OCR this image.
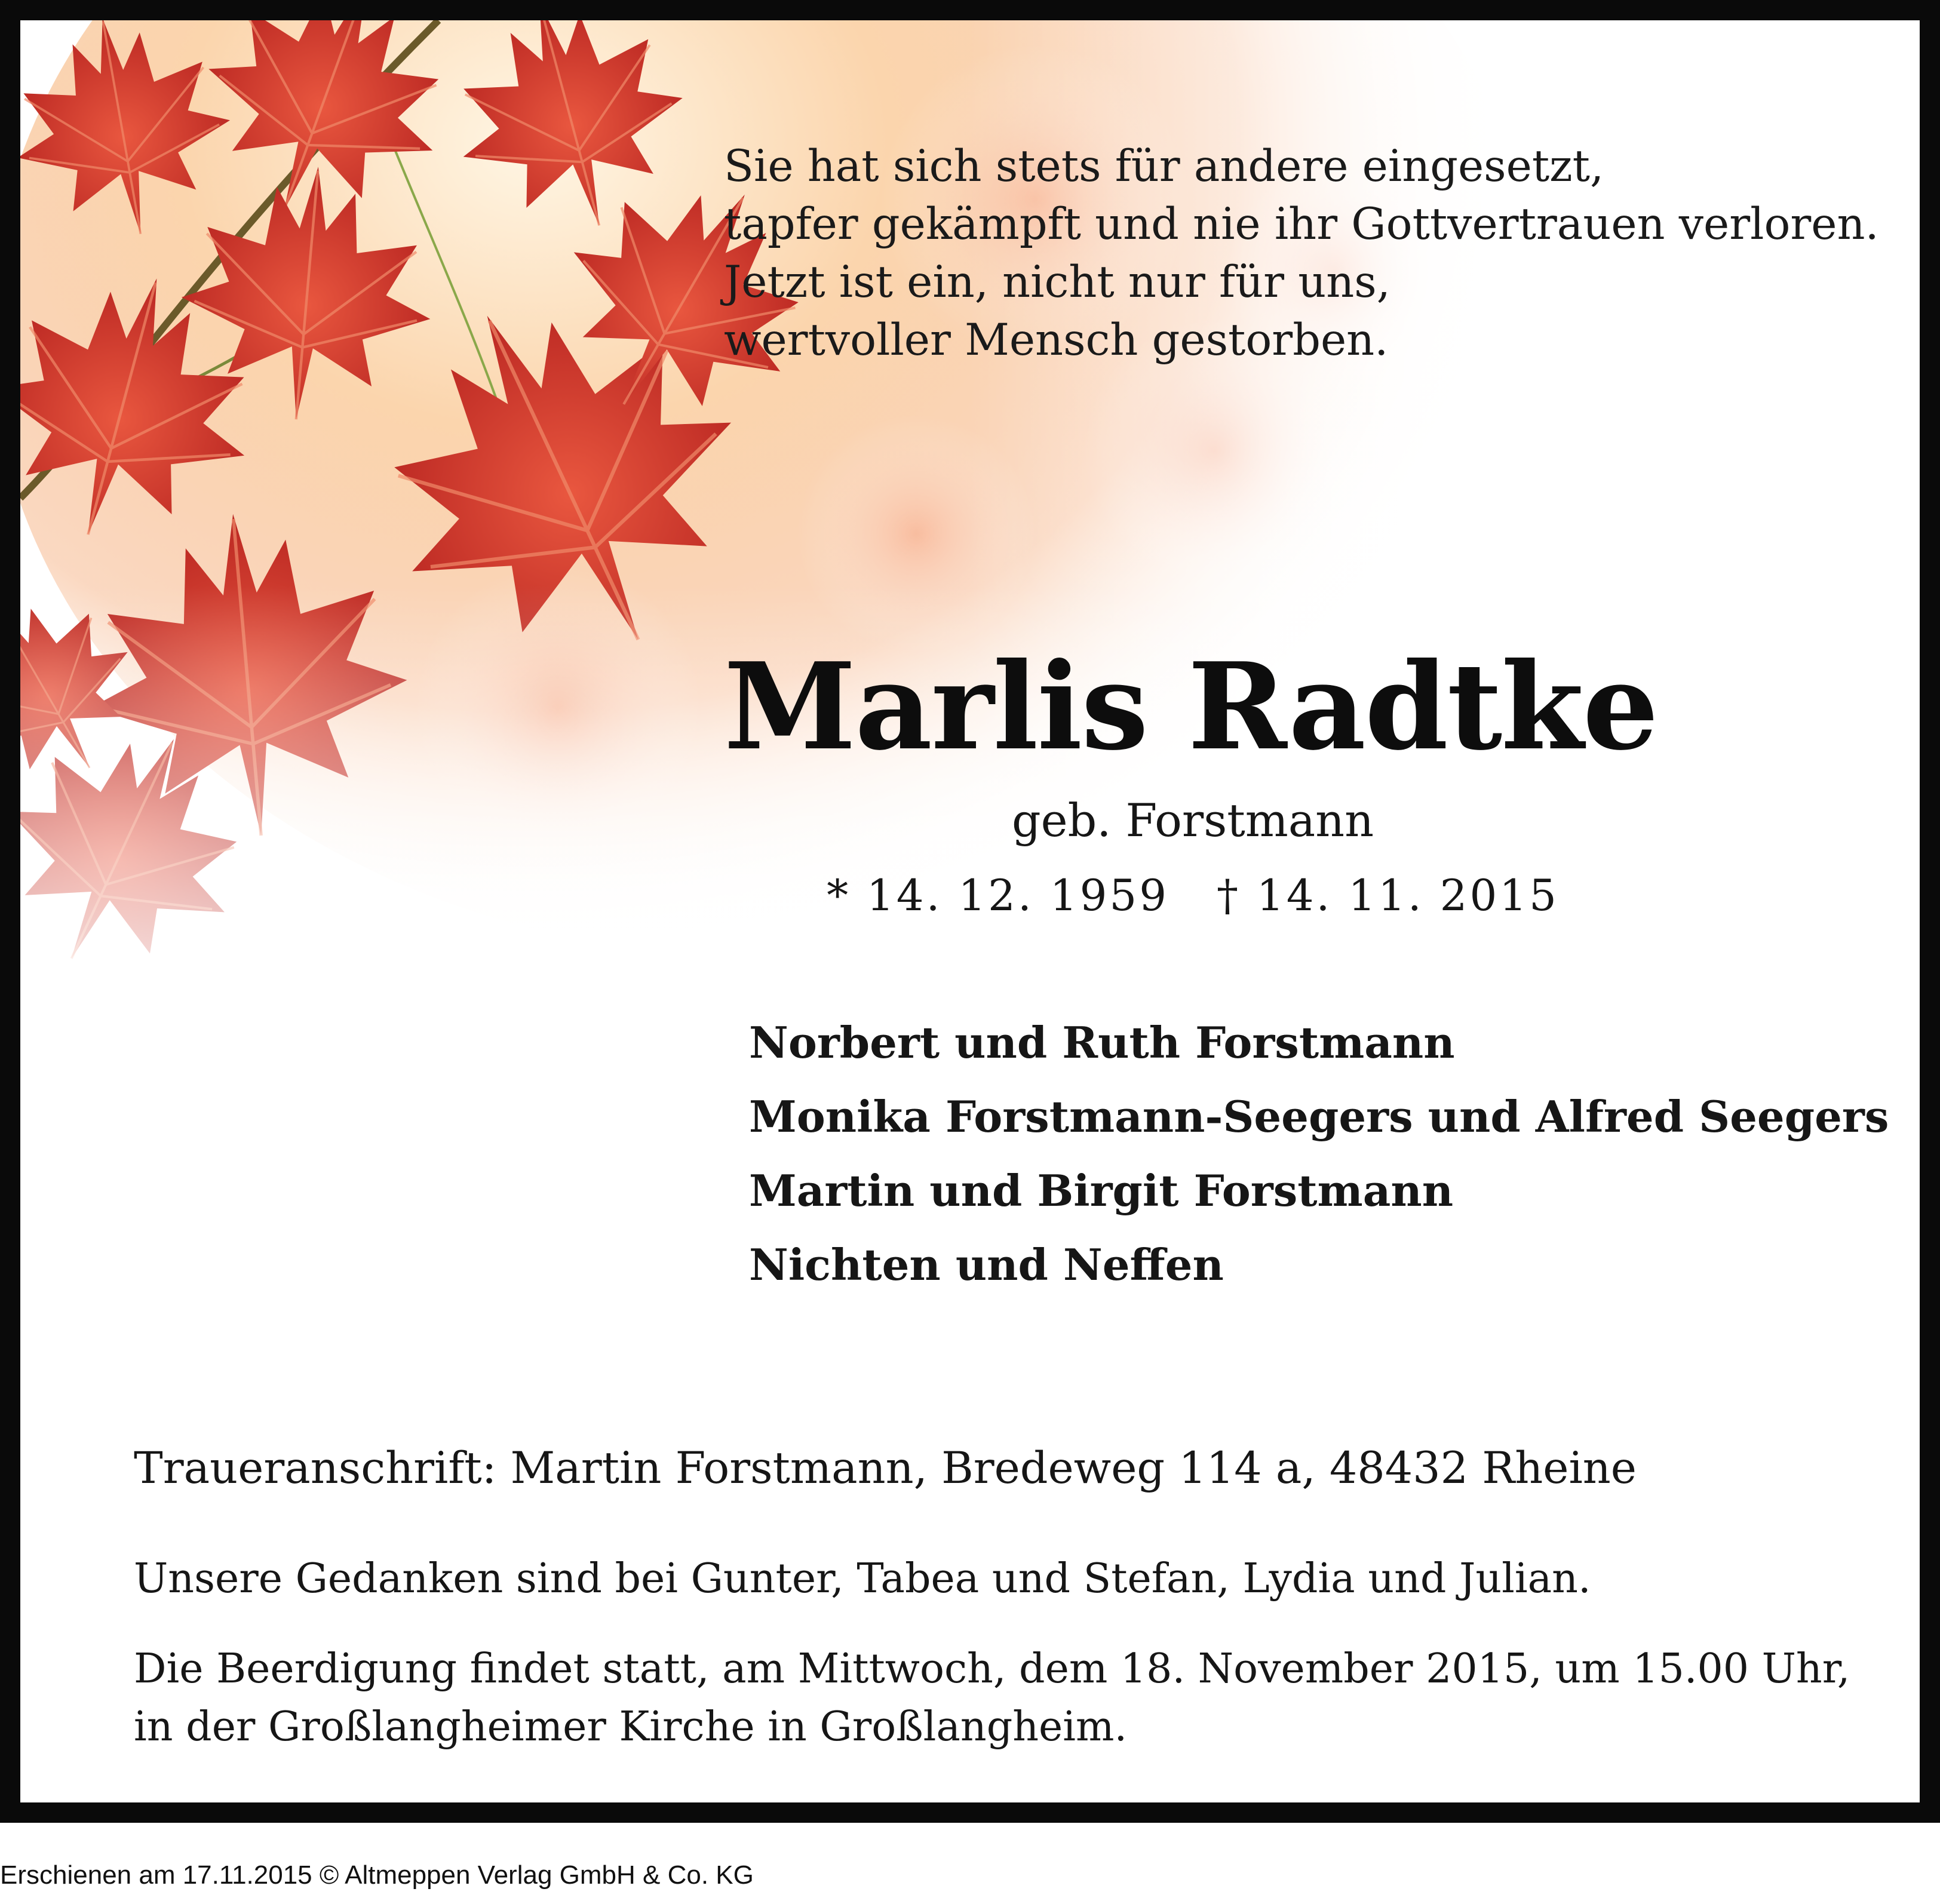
Sie hat sich stets für andere eingesetzt,
tapfer gekämpft und nie ihr Gottvertrauen verloren.
Jetzt ist ein, nicht nur für uns,
wertvoller Mensch gestorben.
Marlis Radtke
geb. Forstmann
* 14. 12. 1959 † 14. 11. 2015
Norbert und Ruth Forstmann
Monika Forstmann-Seegers und Alfred Seegers
Martin und Birgit Forstmann
Nichten und Neffen
Traueranschrift: Martin Forstmann, Bredeweg 114 a, 48432 Rheine
Unsere Gedanken sind bei Gunter, Tabea und Stefan, Lydia und Julian.
Die Beerdigung findet statt, am Mittwoch, dem 18. November 2015, um 15.00 Uhr,
in der Großlangheimer Kirche in Großlangheim.
Erschienen am 17.11.2015 © Altmeppen Verlag GmbH & Co. KG
